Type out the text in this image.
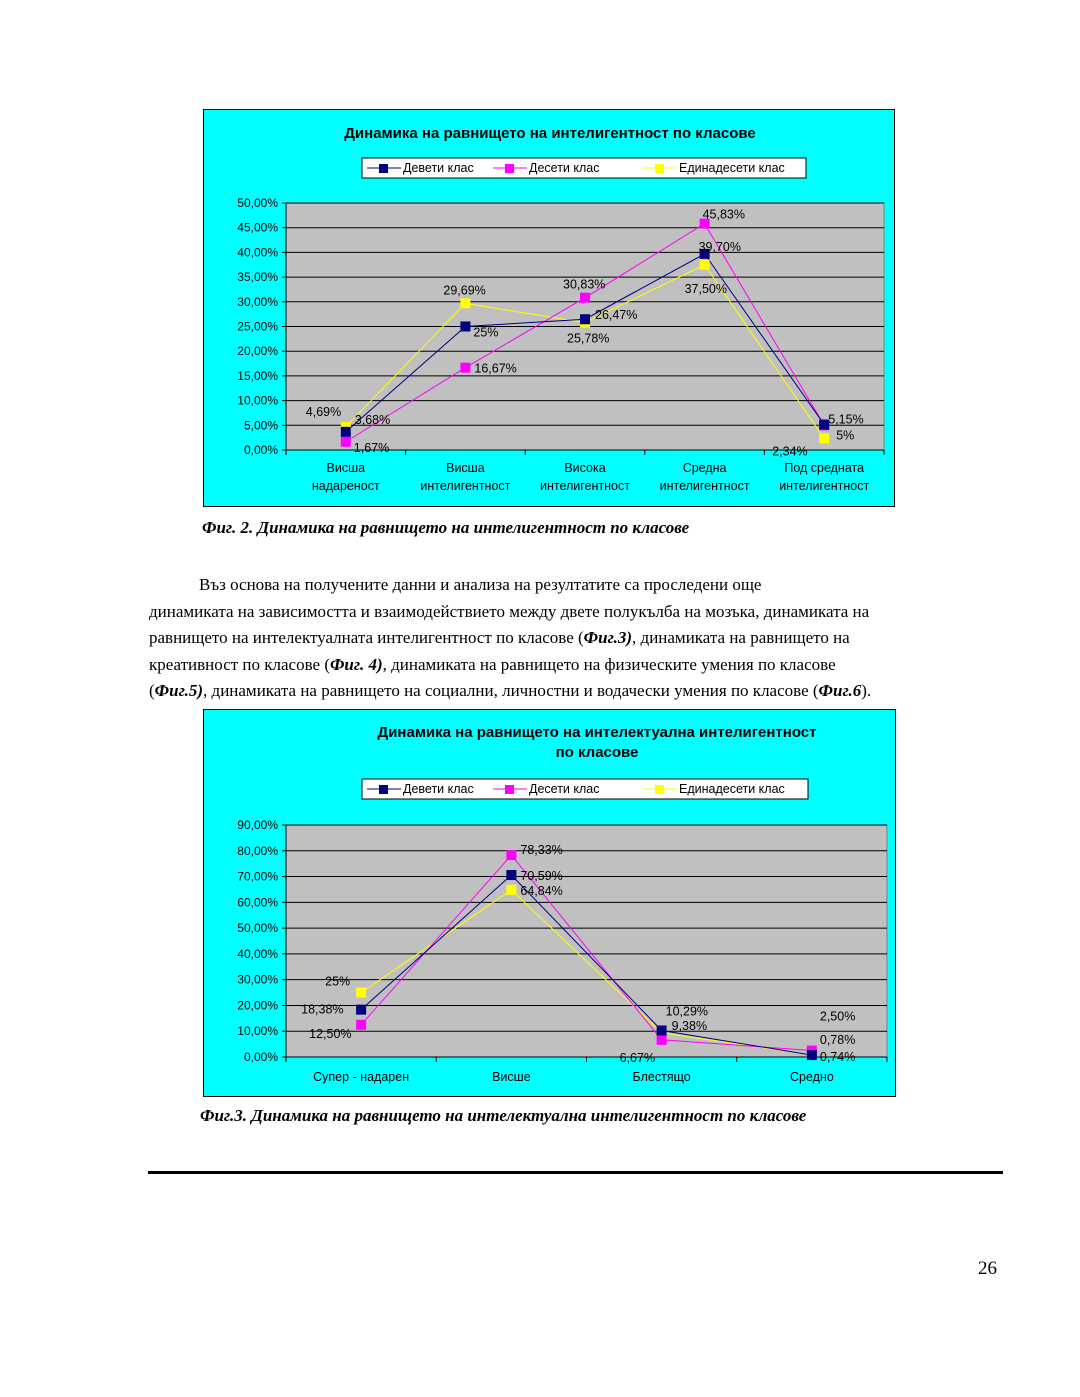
Динамика на равнището на интелигентност по класове
Девети клас	Десети клас	Единадесети клас
0,00%
5,00%
10,00%
15,00%
20,00%
25,00%
30,00%
35,00%
40,00%
45,00%
50,00%
Висша
надареност
Висша
интелигентност
Висока
интелигентност
Средна
интелигентност
Под средната
интелигентност
3,68%
25%
26,47%
39,70%
5,15%
1,67%
16,67%
30,83%
45,83%
5%
4,69%
29,69%
25,78%
37,50%
2,34%
Фиг. 2. Динамика на равнището на интелигентност по класове

Въз основа на получените данни и анализа на резултатите са проследени още

динамиката на зависимостта и взаимодействието между двете полукълба на мозъка, динамиката на

равнището на интелектуалната интелигентност по класове (Фиг.3), динамиката на равнището на

креативност по класове (Фиг. 4), динамиката на равнището на физическите умения по класове

(Фиг.5), динамиката на равнището на социални, личностни и водачески умения по класове (Фиг.6).

Динамика на равнището на интелектуална интелигентност
по класове
Девети клас	Десети клас	Единадесети клас
0,00%
10,00%
20,00%
30,00%
40,00%
50,00%
60,00%
70,00%
80,00%
90,00%
Супер - надарен	Висше	Блестящо	Средно
18,38%
70,59%
10,29%
0,74%
12,50%
78,33%
6,67%
2,50%
25%
64,84%
9,38%
0,78%
Фиг.3. Динамика на равнището на интелектуална интелигентност по класове
26
